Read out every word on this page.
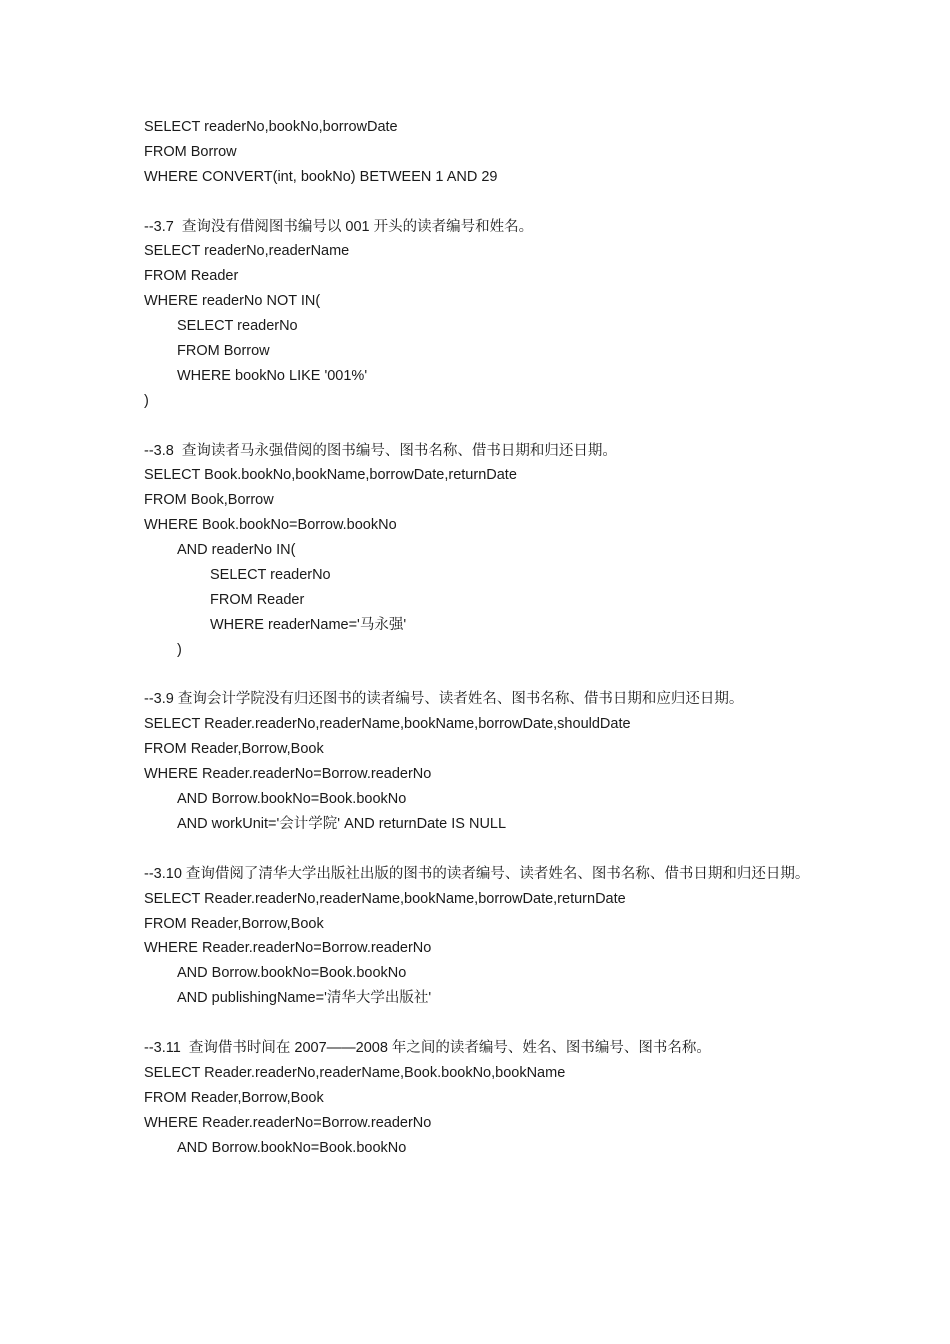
SELECT readerNo,bookNo,borrowDate
FROM Borrow
WHERE CONVERT(int, bookNo) BETWEEN 1 AND 29
--3.7  查询没有借阅图书编号以 001 开头的读者编号和姓名。
SELECT readerNo,readerName
FROM Reader
WHERE readerNo NOT IN(
SELECT readerNo
FROM Borrow
WHERE bookNo LIKE '001%'
)
--3.8  查询读者马永强借阅的图书编号、图书名称、借书日期和归还日期。
SELECT Book.bookNo,bookName,borrowDate,returnDate
FROM Book,Borrow
WHERE Book.bookNo=Borrow.bookNo
AND readerNo IN(
SELECT readerNo
FROM Reader
WHERE readerName='马永强'
)
--3.9 查询会计学院没有归还图书的读者编号、读者姓名、图书名称、借书日期和应归还日期。
SELECT Reader.readerNo,readerName,bookName,borrowDate,shouldDate
FROM Reader,Borrow,Book
WHERE Reader.readerNo=Borrow.readerNo
AND Borrow.bookNo=Book.bookNo
AND workUnit='会计学院' AND returnDate IS NULL
--3.10 查询借阅了清华大学出版社出版的图书的读者编号、读者姓名、图书名称、借书日期和归还日期。
SELECT Reader.readerNo,readerName,bookName,borrowDate,returnDate
FROM Reader,Borrow,Book
WHERE Reader.readerNo=Borrow.readerNo
AND Borrow.bookNo=Book.bookNo
AND publishingName='清华大学出版社'
--3.11  查询借书时间在 2007——2008 年之间的读者编号、姓名、图书编号、图书名称。
SELECT Reader.readerNo,readerName,Book.bookNo,bookName
FROM Reader,Borrow,Book
WHERE Reader.readerNo=Borrow.readerNo
AND Borrow.bookNo=Book.bookNo
